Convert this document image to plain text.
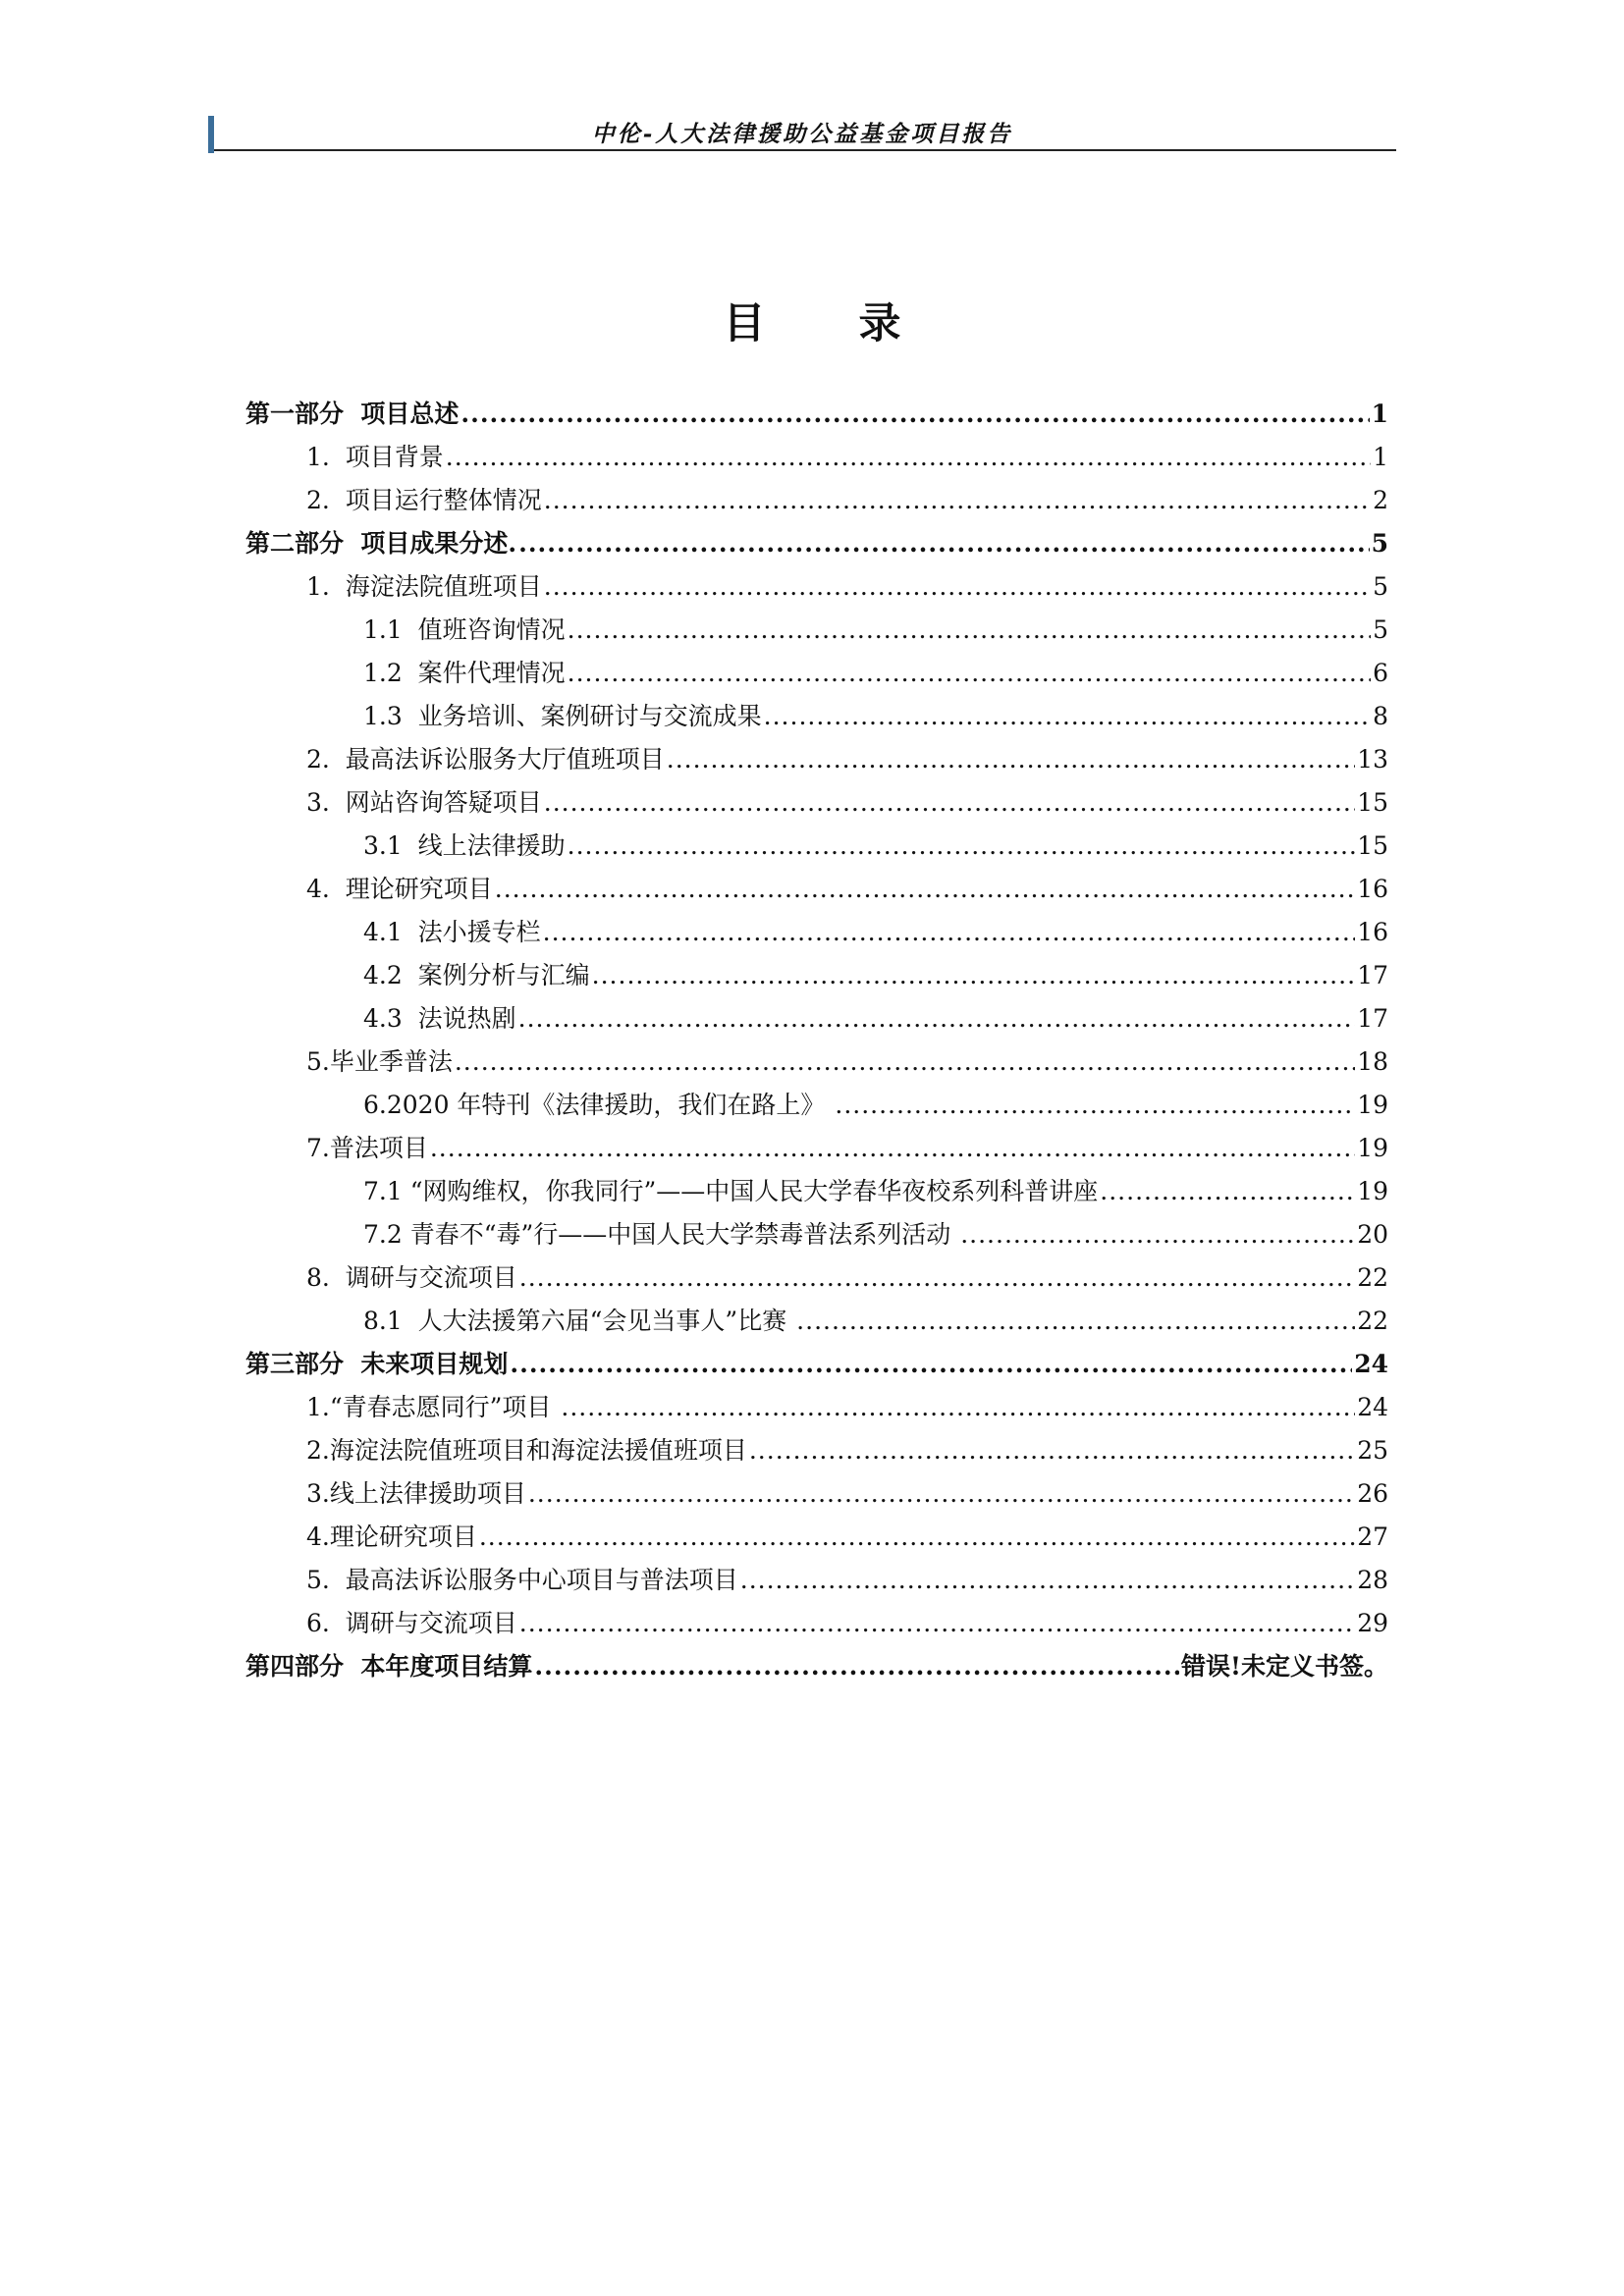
中伦-人大法律援助公益基金项目报告
目 录
第一部分  项目总述 .....	1
1.  项目背景 .....	1
2.  项目运行整体情况 .....	2
第二部分  项目成果分述. .....	5
1.  海淀法院值班项目 .....	5
1.1  值班咨询情况 .....	5
1.2  案件代理情况 .....	6
1.3  业务培训、案例研讨与交流成果 .....	8
2.  最高法诉讼服务大厅值班项目 .....	13
3.  网站咨询答疑项目 .....	15
3.1  线上法律援助 .....	15
4.  理论研究项目 .....	16
4.1  法小援专栏 .....	16
4.2  案例分析与汇编 .....	17
4.3  法说热剧 .....	17
5.毕业季普法 .....	18
6.2020 年特刊《法律援助，我们在路上》 .....	19
7.普法项目 .....	19
7.1 “网购维权，你我同行”——中国人民大学春华夜校系列科普讲座 .....	19
7.2 青春不“毒”行——中国人民大学禁毒普法系列活动 .....	20
8.  调研与交流项目 .....	22
8.1  人大法援第六届“会见当事人”比赛 .....	22
第三部分  未来项目规划 .....	24
1.“青春志愿同行”项目 .....	24
2.海淀法院值班项目和海淀法援值班项目 .....	25
3.线上法律援助项目 .....	26
4.理论研究项目 .....	27
5.  最高法诉讼服务中心项目与普法项目 .....	28
6.  调研与交流项目 .....	29
第四部分  本年度项目结算 .....	错误!未定义书签。
